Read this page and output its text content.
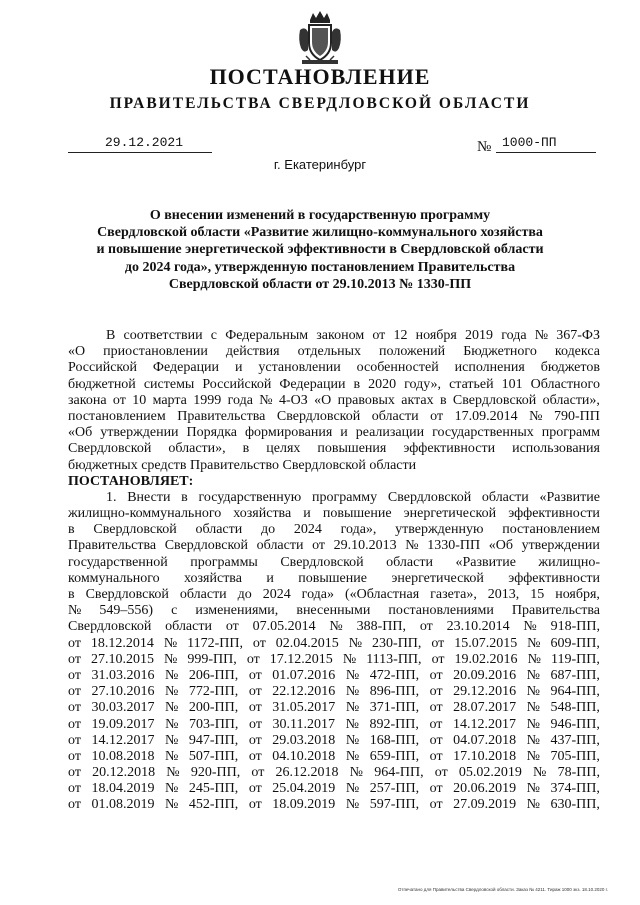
ПОСТАНОВЛЕНИЕ
ПРАВИТЕЛЬСТВА СВЕРДЛОВСКОЙ ОБЛАСТИ
29.12.2021	№ 1000-ПП
г. Екатеринбург
О внесении изменений в государственную программу
Свердловской области «Развитие жилищно-коммунального хозяйства
и повышение энергетической эффективности в Свердловской области
до 2024 года», утвержденную постановлением Правительства
Свердловской области от 29.10.2013 № 1330-ПП
В соответствии с Федеральным законом от 12 ноября 2019 года № 367-ФЗ
«О приостановлении действия отдельных положений Бюджетного кодекса
Российской Федерации и установлении особенностей исполнения бюджетов
бюджетной системы Российской Федерации в 2020 году», статьей 101 Областного
закона от 10 марта 1999 года № 4-ОЗ «О правовых актах в Свердловской области»,
постановлением Правительства Свердловской области от 17.09.2014 № 790-ПП
«Об утверждении Порядка формирования и реализации государственных программ
Свердловской области», в целях повышения эффективности использования
бюджетных средств Правительство Свердловской области
ПОСТАНОВЛЯЕТ:
1. Внести в государственную программу Свердловской области «Развитие
жилищно-коммунального хозяйства и повышение энергетической эффективности
в Свердловской области до 2024 года», утвержденную постановлением
Правительства Свердловской области от 29.10.2013 № 1330-ПП «Об утверждении
государственной программы Свердловской области «Развитие жилищно-
коммунального хозяйства и повышение энергетической эффективности
в Свердловской области до 2024 года» («Областная газета», 2013, 15 ноября,
№ 549–556) с изменениями, внесенными постановлениями Правительства
Свердловской области от 07.05.2014 № 388-ПП, от 23.10.2014 № 918-ПП,
от 18.12.2014 № 1172-ПП, от 02.04.2015 № 230-ПП, от 15.07.2015 № 609-ПП,
от 27.10.2015 № 999-ПП, от 17.12.2015 № 1113-ПП, от 19.02.2016 № 119-ПП,
от 31.03.2016 № 206-ПП, от 01.07.2016 № 472-ПП, от 20.09.2016 № 687-ПП,
от 27.10.2016 № 772-ПП, от 22.12.2016 № 896-ПП, от 29.12.2016 № 964-ПП,
от 30.03.2017 № 200-ПП, от 31.05.2017 № 371-ПП, от 28.07.2017 № 548-ПП,
от 19.09.2017 № 703-ПП, от 30.11.2017 № 892-ПП, от 14.12.2017 № 946-ПП,
от 14.12.2017 № 947-ПП, от 29.03.2018 № 168-ПП, от 04.07.2018 № 437-ПП,
от 10.08.2018 № 507-ПП, от 04.10.2018 № 659-ПП, от 17.10.2018 № 705-ПП,
от 20.12.2018 № 920-ПП, от 26.12.2018 № 964-ПП, от 05.02.2019 № 78-ПП,
от 18.04.2019 № 245-ПП, от 25.04.2019 № 257-ПП, от 20.06.2019 № 374-ПП,
от 01.08.2019 № 452-ПП, от 18.09.2019 № 597-ПП, от 27.09.2019 № 630-ПП,
Отпечатано для Правительства Свердловской области. Заказ № 4211. Тираж 1000 экз. 18.10.2020 г.
